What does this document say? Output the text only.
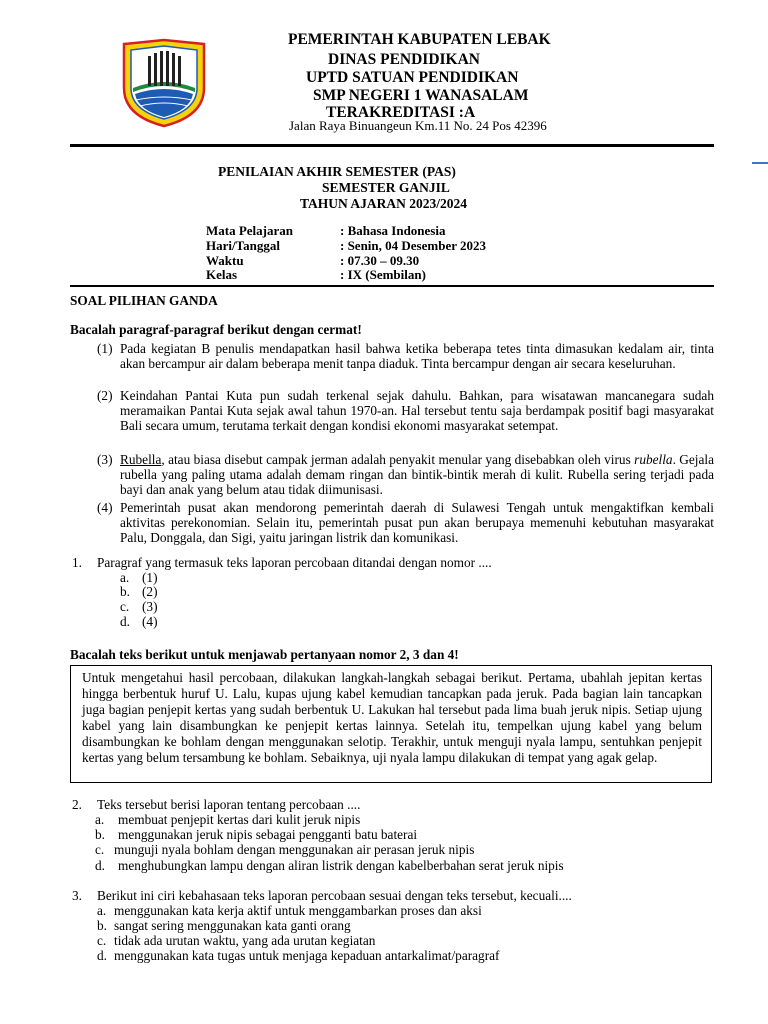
PEMERINTAH KABUPATEN LEBAK
DINAS PENDIDIKAN
UPTD SATUAN PENDIDIKAN
SMP NEGERI 1 WANASALAM
TERAKREDITASI :A
Jalan Raya Binuangeun Km.11 No. 24 Pos 42396
PENILAIAN AKHIR SEMESTER (PAS)
SEMESTER GANJIL
TAHUN AJARAN 2023/2024
Mata Pelajaran	: Bahasa Indonesia
Hari/Tanggal	: Senin, 04 Desember 2023
Waktu	: 07.30 – 09.30
Kelas	: IX (Sembilan)
SOAL PILIHAN GANDA
Bacalah paragraf-paragraf berikut dengan cermat!
(1) Pada kegiatan B penulis mendapatkan hasil bahwa ketika beberapa tetes tinta dimasukan kedalam air, tinta akan bercampur air dalam beberapa menit tanpa diaduk. Tinta bercampur dengan air secara keseluruhan.

(2) Keindahan Pantai Kuta pun sudah terkenal sejak dahulu. Bahkan, para wisatawan mancanegara sudah meramaikan Pantai Kuta sejak awal tahun 1970-an. Hal tersebut tentu saja berdampak positif bagi masyarakat Bali secara umum, terutama terkait dengan kondisi ekonomi masyarakat setempat.

(3) Rubella, atau biasa disebut campak jerman adalah penyakit menular yang disebabkan oleh virus rubella. Gejala rubella yang paling utama adalah demam ringan dan bintik-bintik merah di kulit. Rubella sering terjadi pada bayi dan anak yang belum atau tidak diimunisasi.

(4) Pemerintah pusat akan mendorong pemerintah daerah di Sulawesi Tengah untuk mengaktifkan kembali aktivitas perekonomian. Selain itu, pemerintah pusat pun akan berupaya memenuhi kebutuhan masyarakat Palu, Donggala, dan Sigi, yaitu jaringan listrik dan komunikasi.

1. Paragraf yang termasuk teks laporan percobaan ditandai dengan nomor ....
a. (1)
b. (2)
c. (3)
d. (4)
Bacalah teks berikut untuk menjawab pertanyaan nomor 2, 3 dan 4!

Untuk mengetahui hasil percobaan, dilakukan langkah-langkah sebagai berikut. Pertama, ubahlah jepitan kertas hingga berbentuk huruf U. Lalu, kupas ujung kabel kemudian tancapkan pada jeruk. Pada bagian lain tancapkan juga bagian penjepit kertas yang sudah berbentuk U. Lakukan hal tersebut pada lima buah jeruk nipis. Setiap ujung kabel yang lain disambungkan ke penjepit kertas lainnya. Setelah itu, tempelkan ujung kabel yang belum disambungkan ke bohlam dengan menggunakan selotip. Terakhir, untuk menguji nyala lampu, sentuhkan penjepit kertas yang belum tersambung ke bohlam. Sebaiknya, uji nyala lampu dilakukan di tempat yang agak gelap.

2. Teks tersebut berisi laporan tentang percobaan ....
a. membuat penjepit kertas dari kulit jeruk nipis
b. menggunakan jeruk nipis sebagai pengganti batu baterai
c. munguji nyala bohlam dengan menggunakan air perasan jeruk nipis
d. menghubungkan lampu dengan aliran listrik dengan kabelberbahan serat jeruk nipis
3. Berikut ini ciri kebahasaan teks laporan percobaan sesuai dengan teks tersebut, kecuali....
a. menggunakan kata kerja aktif untuk menggambarkan proses dan aksi
b. sangat sering menggunakan kata ganti orang
c. tidak ada urutan waktu, yang ada urutan kegiatan
d. menggunakan kata tugas untuk menjaga kepaduan antarkalimat/paragraf
